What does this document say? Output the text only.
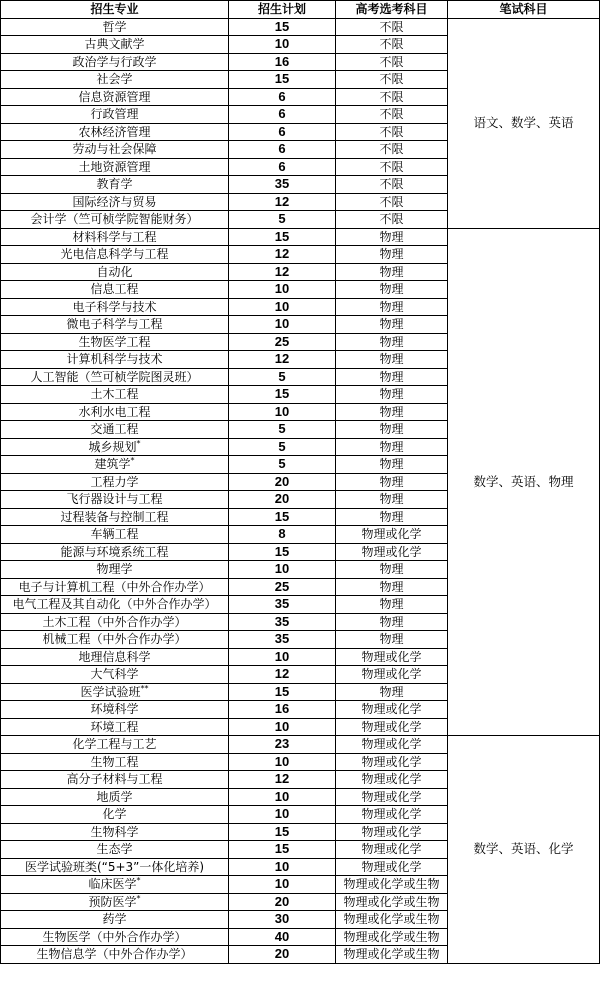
招生专业	招生计划	高考选考科目	笔试科目
哲学	15	不限	语文、数学、英语
古典文献学	10	不限	
政治学与行政学	16	不限	
社会学	15	不限	
信息资源管理	6	不限	
行政管理	6	不限	
农林经济管理	6	不限	
劳动与社会保障	6	不限	
土地资源管理	6	不限	
教育学	35	不限	
国际经济与贸易	12	不限	
会计学（竺可桢学院智能财务）	5	不限	
材料科学与工程	15	物理	数学、英语、物理
光电信息科学与工程	12	物理	
自动化	12	物理	
信息工程	10	物理	
电子科学与技术	10	物理	
微电子科学与工程	10	物理	
生物医学工程	25	物理	
计算机科学与技术	12	物理	
人工智能（竺可桢学院图灵班）	5	物理	
土木工程	15	物理	
水利水电工程	10	物理	
交通工程	5	物理	
城乡规划*	5	物理	
建筑学*	5	物理	
工程力学	20	物理	
飞行器设计与工程	20	物理	
过程装备与控制工程	15	物理	
车辆工程	8	物理或化学	
能源与环境系统工程	15	物理或化学	
物理学	10	物理	
电子与计算机工程（中外合作办学）	25	物理	
电气工程及其自动化（中外合作办学）	35	物理	
土木工程（中外合作办学）	35	物理	
机械工程（中外合作办学）	35	物理	
地理信息科学	10	物理或化学	
大气科学	12	物理或化学	
医学试验班**	15	物理	
环境科学	16	物理或化学	
环境工程	10	物理或化学	
化学工程与工艺	23	物理或化学	数学、英语、化学
生物工程	10	物理或化学	
高分子材料与工程	12	物理或化学	
地质学	10	物理或化学	
化学	10	物理或化学	
生物科学	15	物理或化学	
生态学	15	物理或化学	
医学试验班类(“5+3”一体化培养)	10	物理或化学	
临床医学*	10	物理或化学或生物	
预防医学*	20	物理或化学或生物	
药学	30	物理或化学或生物	
生物医学（中外合作办学）	40	物理或化学或生物	
生物信息学（中外合作办学）	20	物理或化学或生物	
